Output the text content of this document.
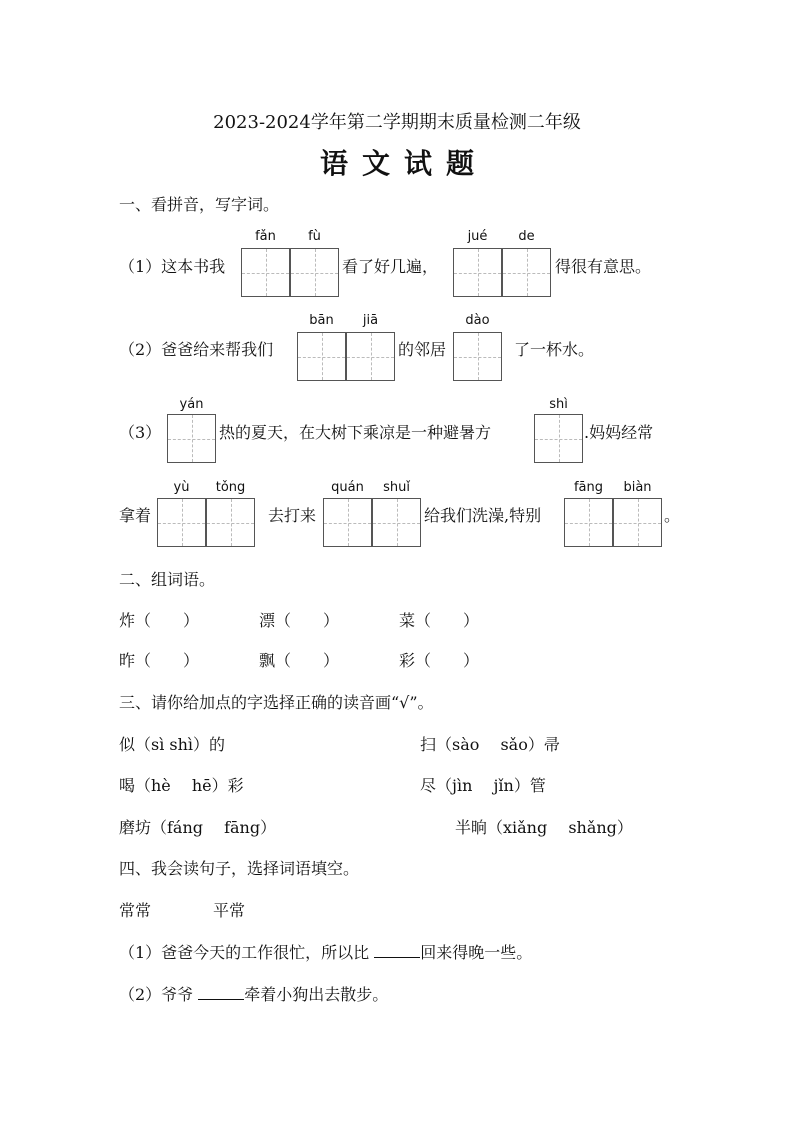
2023-2024学年第二学期期末质量检测二年级
语文试题
一、看拼音，写字词。
fǎn	fù	jué	de
（1）这本书我	看了好几遍，	得很有意思。
bān	jiā	dào
（2）爸爸给来帮我们	的邻居	了一杯水。
yán	shì
（3）	热的夏天，在大树下乘凉是一种避暑方	.妈妈经常
yù	tǒng	quán	shuǐ	fāng	biàn
拿着	去打来	给我们洗澡,特别	。
二、组词语。
炸（　　）	漂（　　）	菜（　　）
昨（　　）	飘（　　）	彩（　　）
三、请你给加点的字选择正确的读音画“√”。
似（sì shì）的	扫（sào　 sǎo）帚
喝（hè　 hē）彩	尽（jìn　 jǐn）管
磨坊（fáng　 fāng）	半晌（xiǎng　 shǎng）
四、我会读句子，选择词语填空。
常常	平常
（1）爸爸今天的工作很忙，所以比	回来得晚一些。
（2）爷爷	牵着小狗出去散步。
